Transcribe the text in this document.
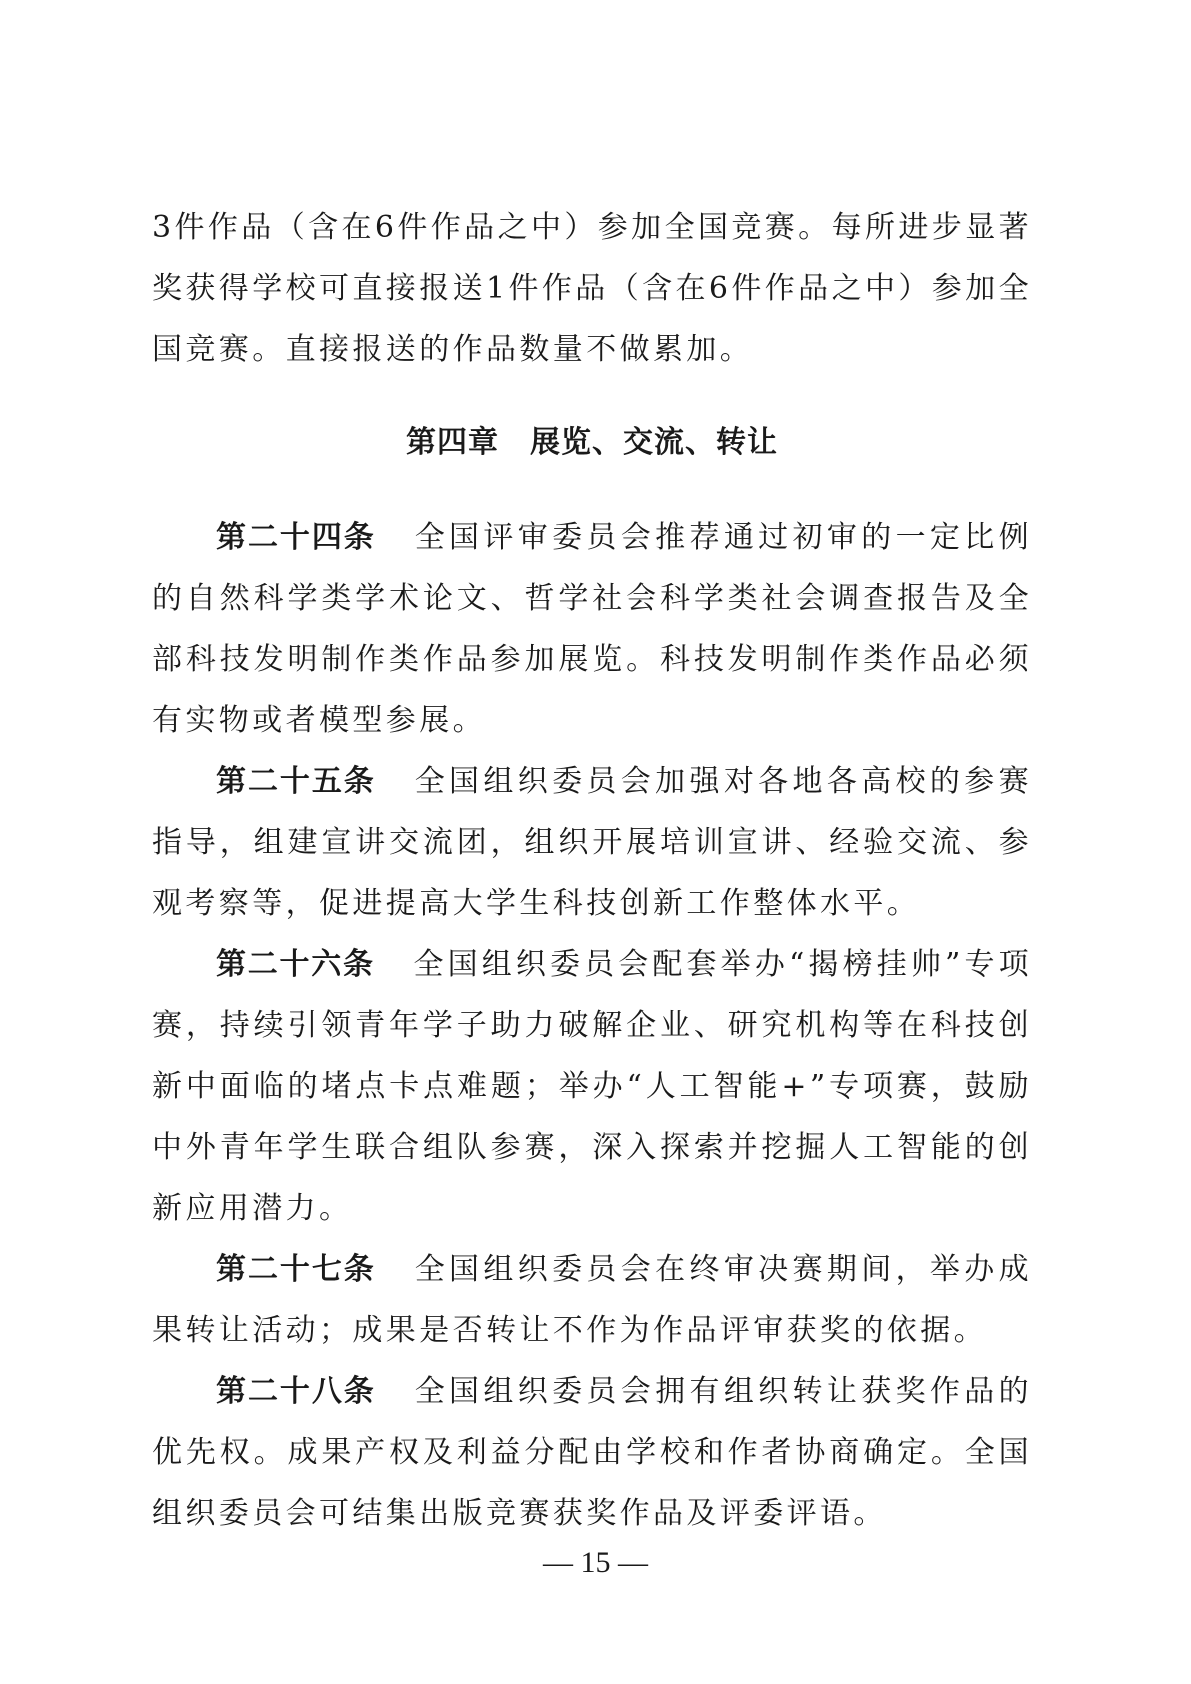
3件作品（含在6件作品之中）参加全国竞赛。每所进步显著奖获得学校可直接报送1件作品（含在6件作品之中）参加全国竞赛。直接报送的作品数量不做累加。

第四章　展览、交流、转让

第二十四条 全国评审委员会推荐通过初审的一定比例的自然科学类学术论文、哲学社会科学类社会调查报告及全部科技发明制作类作品参加展览。科技发明制作类作品必须有实物或者模型参展。

第二十五条 全国组织委员会加强对各地各高校的参赛指导，组建宣讲交流团，组织开展培训宣讲、经验交流、参观考察等，促进提高大学生科技创新工作整体水平。

第二十六条 全国组织委员会配套举办“揭榜挂帅”专项赛，持续引领青年学子助力破解企业、研究机构等在科技创新中面临的堵点卡点难题；举办“人工智能+”专项赛，鼓励中外青年学生联合组队参赛，深入探索并挖掘人工智能的创新应用潜力。

第二十七条 全国组织委员会在终审决赛期间，举办成果转让活动；成果是否转让不作为作品评审获奖的依据。

第二十八条 全国组织委员会拥有组织转让获奖作品的优先权。成果产权及利益分配由学校和作者协商确定。全国组织委员会可结集出版竞赛获奖作品及评委评语。

— 15 —
